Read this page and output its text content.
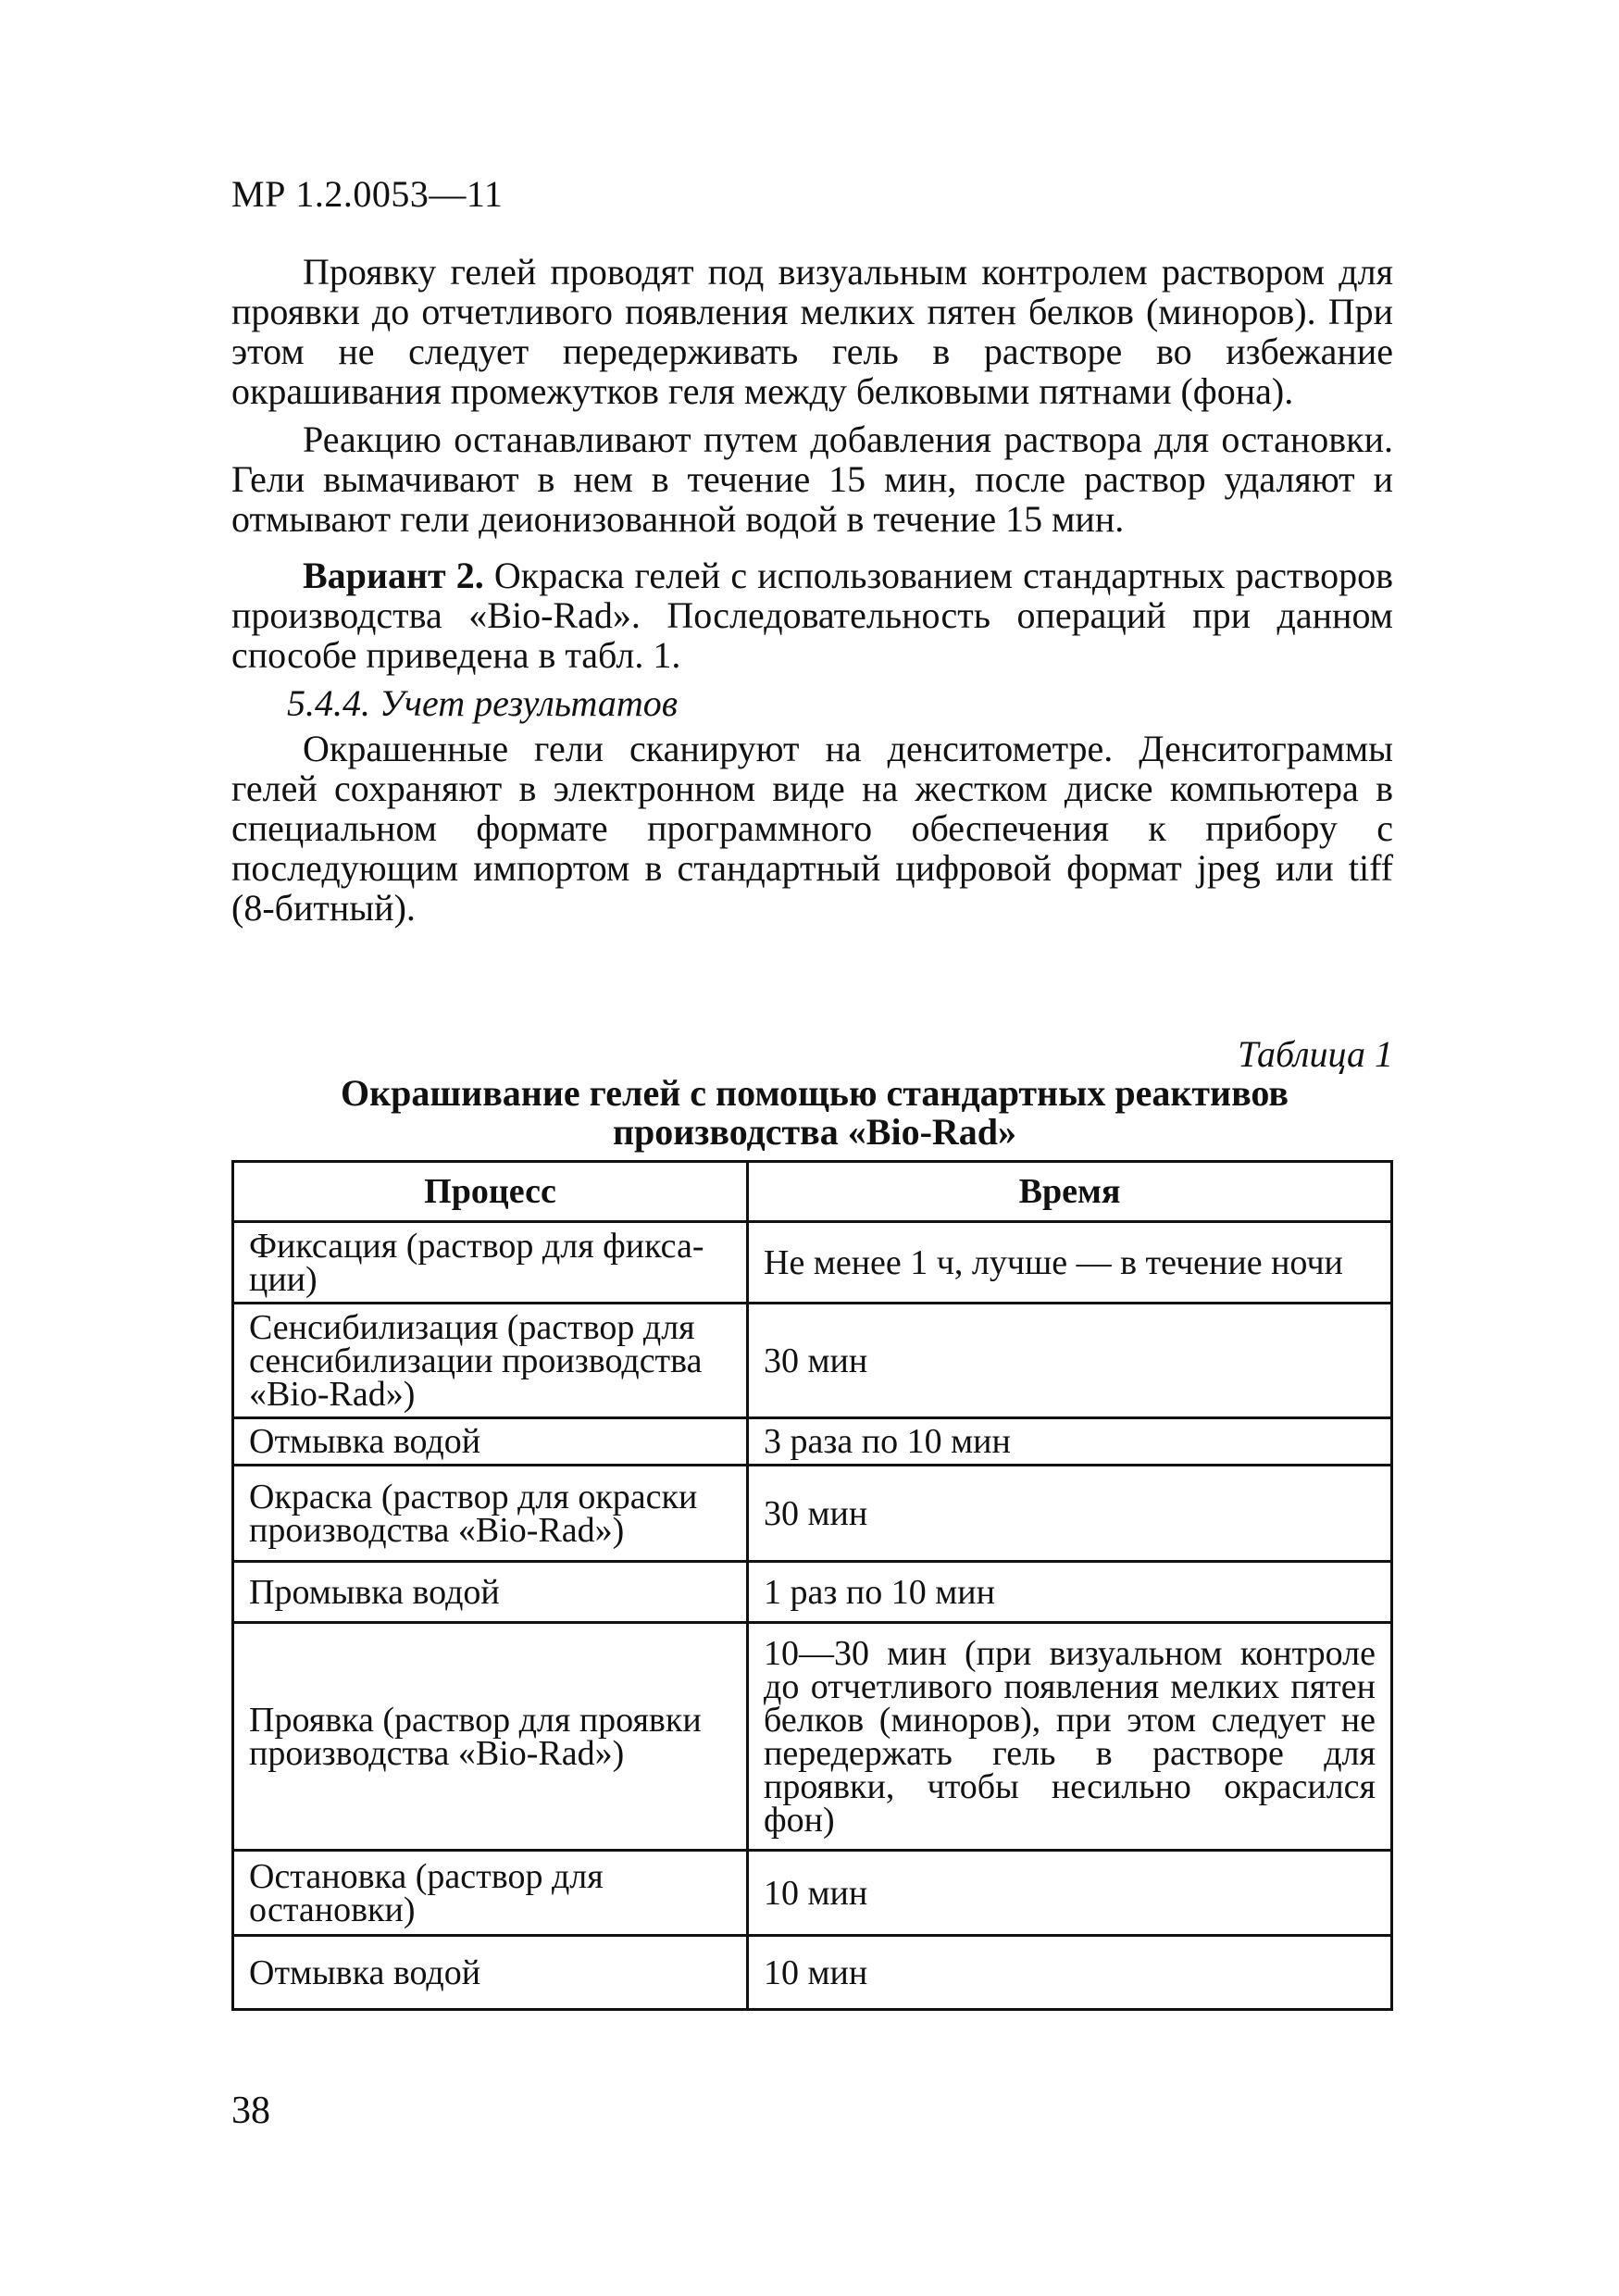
МР 1.2.0053—11

Проявку гелей проводят под визуальным контролем раствором для проявки до отчетливого появления мелких пятен белков (миноров). При этом не следует передерживать гель в растворе во избежание окрашивания промежутков геля между белковыми пятнами (фона).

Реакцию останавливают путем добавления раствора для остановки. Гели вымачивают в нем в течение 15 мин, после раствор удаляют и отмывают гели деионизованной водой в течение 15 мин.

Вариант 2. Окраска гелей с использованием стандартных растворов производства «Bio-Rad». Последовательность операций при данном способе приведена в табл. 1.

5.4.4. Учет результатов

Окрашенные гели сканируют на денситометре. Денситограммы гелей сохраняют в электронном виде на жестком диске компьютера в специальном формате программного обеспечения к прибору с последующим импортом в стандартный цифровой формат jpeg или tiff (8-битный).

Таблица 1
Окрашивание гелей с помощью стандартных реактивов
производства «Bio-Rad»
Процесс	Время
Фиксация (раствор для фикса-ции)	Не менее 1 ч, лучше — в течение ночи
Сенсибилизация (раствор для сенсибилизации производства «Bio-Rad»)	30 мин
Отмывка водой	3 раза по 10 мин
Окраска (раствор для окраски производства «Bio-Rad»)	30 мин
Промывка водой	1 раз по 10 мин
Проявка (раствор для проявки производства «Bio-Rad»)	10—30 мин (при визуальном контроле до отчетливого появления мелких пятен белков (миноров), при этом следует не передержать гель в растворе для проявки, чтобы несильно окрасился фон)
Остановка (раствор для остановки)	10 мин
Отмывка водой	10 мин
38
